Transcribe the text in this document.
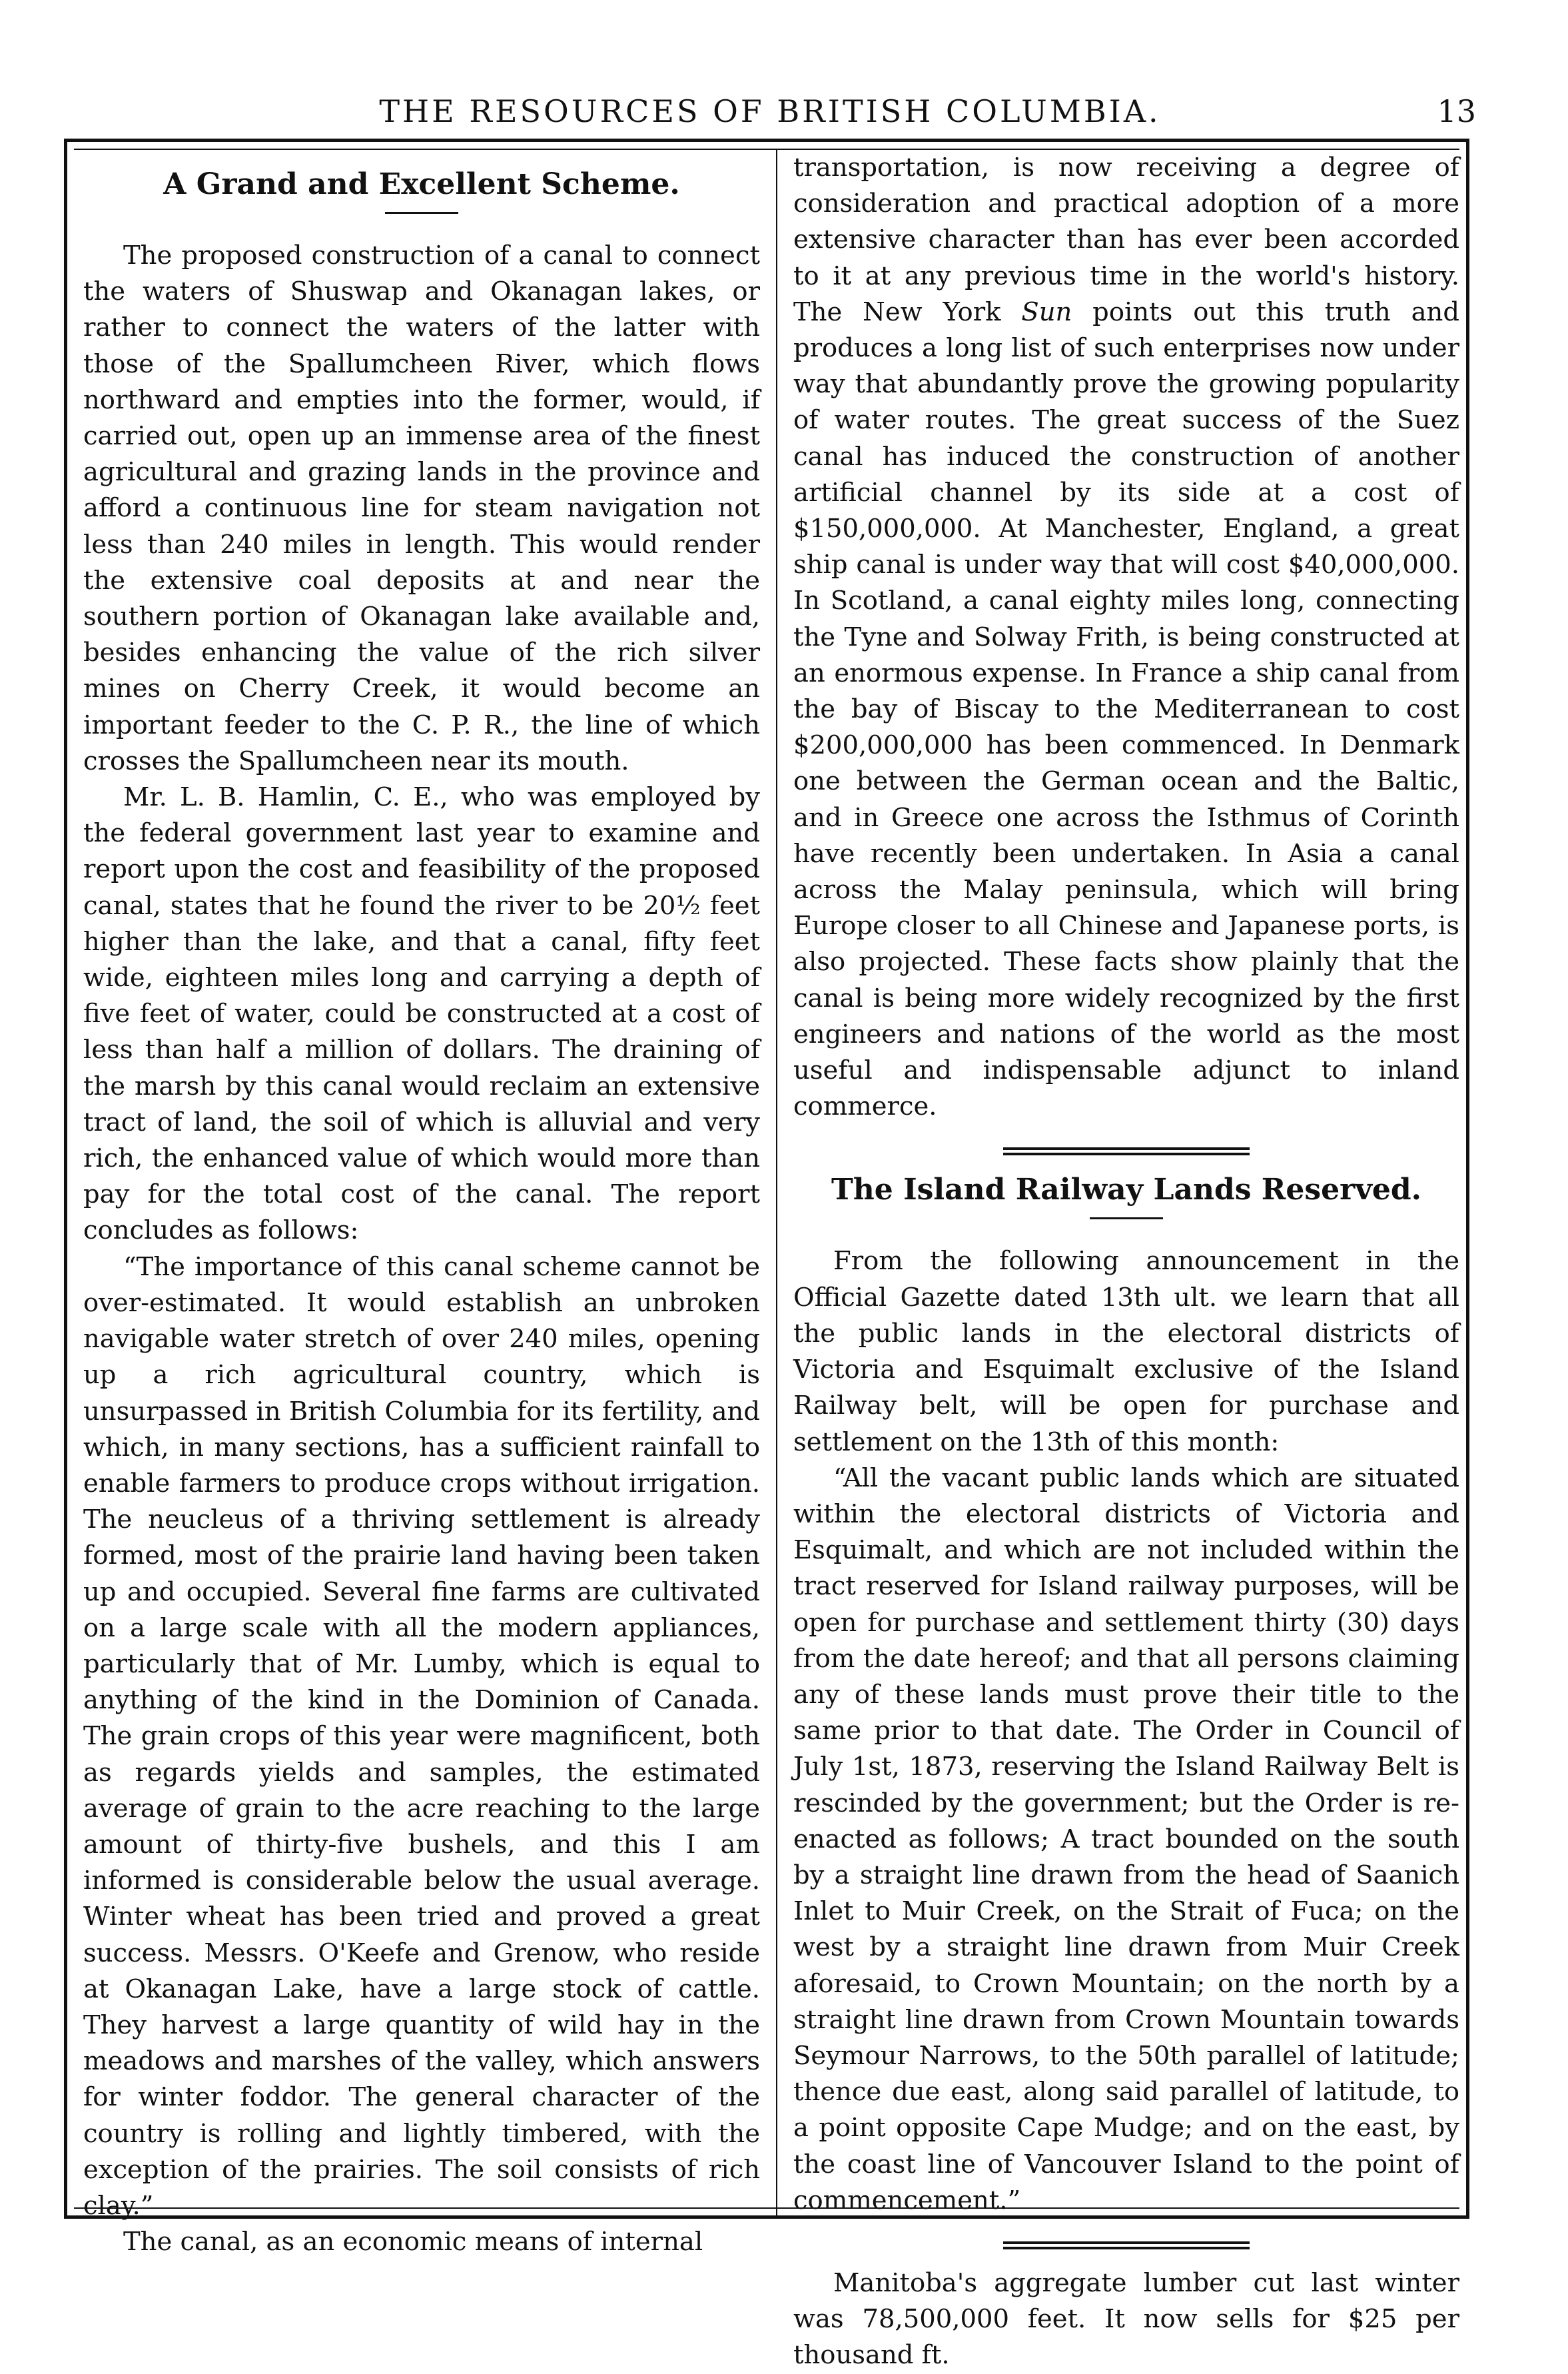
THE RESOURCES OF BRITISH COLUMBIA.	13
A Grand and Excellent Scheme.

The proposed construction of a canal to connect the waters of Shuswap and Okanagan lakes, or rather to connect the waters of the latter with those of the Spallumcheen River, which flows northward and empties into the former, would, if carried out, open up an immense area of the finest agricultural and grazing lands in the province and afford a continuous line for steam navigation not less than 240 miles in length. This would render the extensive coal deposits at and near the southern portion of Okanagan lake available and, besides enhancing the value of the rich silver mines on Cherry Creek, it would become an important feeder to the C. P. R., the line of which crosses the Spallumcheen near its mouth.

Mr. L. B. Hamlin, C. E., who was employed by the federal government last year to examine and report upon the cost and feasibility of the proposed canal, states that he found the river to be 20½ feet higher than the lake, and that a canal, fifty feet wide, eighteen miles long and carrying a depth of five feet of water, could be constructed at a cost of less than half a million of dollars. The draining of the marsh by this canal would reclaim an extensive tract of land, the soil of which is alluvial and very rich, the enhanced value of which would more than pay for the total cost of the canal. The report concludes as follows:

“The importance of this canal scheme cannot be over-estimated. It would establish an unbroken navigable water stretch of over 240 miles, opening up a rich agricultural country, which is unsurpassed in British Columbia for its fertility, and which, in many sections, has a sufficient rainfall to enable farmers to produce crops without irrigation. The neucleus of a thriving settlement is already formed, most of the prairie land having been taken up and occupied. Several fine farms are cultivated on a large scale with all the modern appliances, particularly that of Mr. Lumby, which is equal to anything of the kind in the Dominion of Canada. The grain crops of this year were magnificent, both as regards yields and samples, the estimated average of grain to the acre reaching to the large amount of thirty-five bushels, and this I am informed is considerable below the usual average. Winter wheat has been tried and proved a great success. Messrs. O'Keefe and Grenow, who reside at Okanagan Lake, have a large stock of cattle. They harvest a large quantity of wild hay in the meadows and marshes of the valley, which answers for winter foddor. The general character of the country is rolling and lightly timbered, with the exception of the prairies. The soil consists of rich clay.”

The canal, as an economic means of internal

transportation, is now receiving a degree of consideration and practical adoption of a more extensive character than has ever been accorded to it at any previous time in the world's history. The New York Sun points out this truth and produces a long list of such enterprises now under way that abundantly prove the growing popularity of water routes. The great success of the Suez canal has induced the construction of another artificial channel by its side at a cost of $150,000,000. At Manchester, England, a great ship canal is under way that will cost $40,000,000. In Scotland, a canal eighty miles long, connecting the Tyne and Solway Frith, is being constructed at an enormous expense. In France a ship canal from the bay of Biscay to the Mediterranean to cost $200,000,000 has been commenced. In Denmark one between the German ocean and the Baltic, and in Greece one across the Isthmus of Corinth have recently been undertaken. In Asia a canal across the Malay peninsula, which will bring Europe closer to all Chinese and Japanese ports, is also projected. These facts show plainly that the canal is being more widely recognized by the first engineers and nations of the world as the most useful and indispensable adjunct to inland commerce.

The Island Railway Lands Reserved.

From the following announcement in the Official Gazette dated 13th ult. we learn that all the public lands in the electoral districts of Victoria and Esquimalt exclusive of the Island Railway belt, will be open for purchase and settlement on the 13th of this month:

“All the vacant public lands which are situated within the electoral districts of Victoria and Esquimalt, and which are not included within the tract reserved for Island railway purposes, will be open for purchase and settlement thirty (30) days from the date hereof; and that all persons claiming any of these lands must prove their title to the same prior to that date. The Order in Council of July 1st, 1873, reserving the Island Railway Belt is rescinded by the government; but the Order is re-enacted as follows; A tract bounded on the south by a straight line drawn from the head of Saanich Inlet to Muir Creek, on the Strait of Fuca; on the west by a straight line drawn from Muir Creek aforesaid, to Crown Mountain; on the north by a straight line drawn from Crown Mountain towards Seymour Narrows, to the 50th parallel of latitude; thence due east, along said parallel of latitude, to a point opposite Cape Mudge; and on the east, by the coast line of Vancouver Island to the point of commencement.”

Manitoba's aggregate lumber cut last winter was 78,500,000 feet. It now sells for $25 per thousand ft.
